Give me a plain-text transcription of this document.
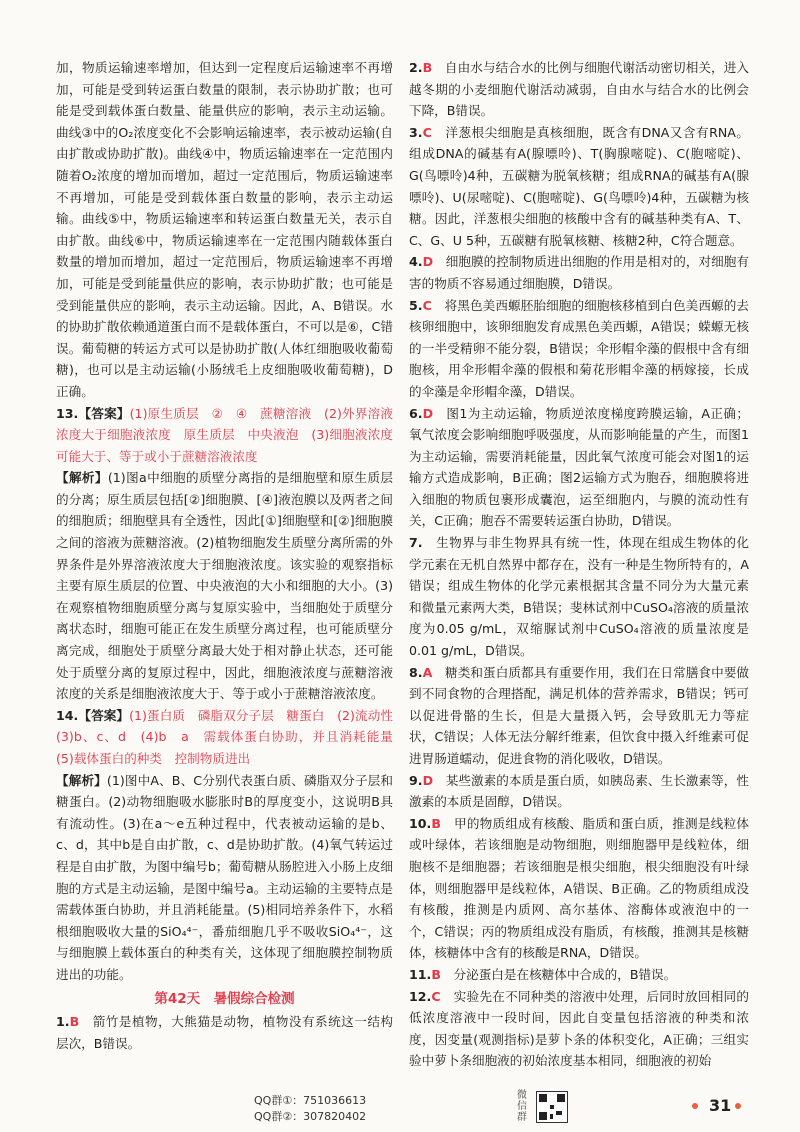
加，物质运输速率增加，但达到一定程度后运输速率不再增加，可能是受到转运蛋白数量的限制，表示协助扩散；也可能是受到载体蛋白数量、能量供应的影响，表示主动运输。曲线③中的O₂浓度变化不会影响运输速率，表示被动运输(自由扩散或协助扩散)。曲线④中，物质运输速率在一定范围内随着O₂浓度的增加而增加，超过一定范围后，物质运输速率不再增加，可能是受到载体蛋白数量的影响，表示主动运输。曲线⑤中，物质运输速率和转运蛋白数量无关，表示自由扩散。曲线⑥中，物质运输速率在一定范围内随载体蛋白数量的增加而增加，超过一定范围后，物质运输速率不再增加，可能是受到能量供应的影响，表示协助扩散；也可能是受到能量供应的影响，表示主动运输。因此，A、B错误。水的协助扩散依赖通道蛋白而不是载体蛋白，不可以是⑥，C错误。葡萄糖的转运方式可以是协助扩散(人体红细胞吸收葡萄糖)，也可以是主动运输(小肠绒毛上皮细胞吸收葡萄糖)，D正确。

13.【答案】(1)原生质层　②　④　蔗糖溶液　(2)外界溶液浓度大于细胞液浓度　原生质层　中央液泡　(3)细胞液浓度可能大于、等于或小于蔗糖溶液浓度

【解析】(1)图a中细胞的质壁分离指的是细胞壁和原生质层的分离；原生质层包括[②]细胞膜、[④]液泡膜以及两者之间的细胞质；细胞壁具有全透性，因此[①]细胞壁和[②]细胞膜之间的溶液为蔗糖溶液。(2)植物细胞发生质壁分离所需的外界条件是外界溶液浓度大于细胞液浓度。该实验的观察指标主要有原生质层的位置、中央液泡的大小和细胞的大小。(3)在观察植物细胞质壁分离与复原实验中，当细胞处于质壁分离状态时，细胞可能正在发生质壁分离过程，也可能质壁分离完成，细胞处于质壁分离最大处于相对静止状态，还可能处于质壁分离的复原过程中，因此，细胞液浓度与蔗糖溶液浓度的关系是细胞液浓度大于、等于或小于蔗糖溶液浓度。

14.【答案】(1)蛋白质　磷脂双分子层　糖蛋白　(2)流动性　(3)b、c、d　(4)b　a　需载体蛋白协助，并且消耗能量　(5)载体蛋白的种类　控制物质进出

【解析】(1)图中A、B、C分别代表蛋白质、磷脂双分子层和糖蛋白。(2)动物细胞吸水膨胀时B的厚度变小，这说明B具有流动性。(3)在a～e五种过程中，代表被动运输的是b、c、d，其中b是自由扩散，c、d是协助扩散。(4)氧气转运过程是自由扩散，为图中编号b；葡萄糖从肠腔进入小肠上皮细胞的方式是主动运输，是图中编号a。主动运输的主要特点是需载体蛋白协助，并且消耗能量。(5)相同培养条件下，水稻根细胞吸收大量的SiO₄⁴⁻，番茄细胞几乎不吸收SiO₄⁴⁻，这与细胞膜上载体蛋白的种类有关，这体现了细胞膜控制物质进出的功能。

第42天　暑假综合检测

1.B　箭竹是植物，大熊猫是动物，植物没有系统这一结构层次，B错误。

2.B　自由水与结合水的比例与细胞代谢活动密切相关，进入越冬期的小麦细胞代谢活动减弱，自由水与结合水的比例会下降，B错误。

3.C　洋葱根尖细胞是真核细胞，既含有DNA又含有RNA。组成DNA的碱基有A(腺嘌呤)、T(胸腺嘧啶)、C(胞嘧啶)、G(鸟嘌呤)4种，五碳糖为脱氧核糖；组成RNA的碱基有A(腺嘌呤)、U(尿嘧啶)、C(胞嘧啶)、G(鸟嘌呤)4种，五碳糖为核糖。因此，洋葱根尖细胞的核酸中含有的碱基种类有A、T、C、G、U 5种，五碳糖有脱氧核糖、核糖2种，C符合题意。

4.D　细胞膜的控制物质进出细胞的作用是相对的，对细胞有害的物质不容易通过细胞膜，D错误。

5.C　将黑色美西螈胚胎细胞的细胞核移植到白色美西螈的去核卵细胞中，该卵细胞发育成黑色美西螈，A错误；蝾螈无核的一半受精卵不能分裂，B错误；伞形帽伞藻的假根中含有细胞核，用伞形帽伞藻的假根和菊花形帽伞藻的柄嫁接，长成的伞藻是伞形帽伞藻，D错误。

6.D　图1为主动运输，物质逆浓度梯度跨膜运输，A正确；氧气浓度会影响细胞呼吸强度，从而影响能量的产生，而图1为主动运输，需要消耗能量，因此氧气浓度可能会对图1的运输方式造成影响，B正确；图2运输方式为胞吞，细胞膜将进入细胞的物质包裹形成囊泡，运至细胞内，与膜的流动性有关，C正确；胞吞不需要转运蛋白协助，D错误。

7.　生物界与非生物界具有统一性，体现在组成生物体的化学元素在无机自然界中都存在，没有一种是生物所特有的，A错误；组成生物体的化学元素根据其含量不同分为大量元素和微量元素两大类，B错误；斐林试剂中CuSO₄溶液的质量浓度为0.05 g/mL，双缩脲试剂中CuSO₄溶液的质量浓度是0.01 g/mL，D错误。

8.A　糖类和蛋白质都具有重要作用，我们在日常膳食中要做到不同食物的合理搭配，满足机体的营养需求，B错误；钙可以促进骨骼的生长，但是大量摄入钙，会导致肌无力等症状，C错误；人体无法分解纤维素，但饮食中摄入纤维素可促进胃肠道蠕动，促进食物的消化吸收，D错误。

9.D　某些激素的本质是蛋白质，如胰岛素、生长激素等，性激素的本质是固醇，D错误。

10.B　甲的物质组成有核酸、脂质和蛋白质，推测是线粒体或叶绿体，若该细胞是动物细胞，则细胞器甲是线粒体，细胞核不是细胞器；若该细胞是根尖细胞，根尖细胞没有叶绿体，则细胞器甲是线粒体，A错误、B正确。乙的物质组成没有核酸，推测是内质网、高尔基体、溶酶体或液泡中的一个，C错误；丙的物质组成没有脂质，有核酸，推测其是核糖体，核糖体中含有的核酸是RNA，D错误。

11.B　分泌蛋白是在核糖体中合成的，B错误。

12.C　实验先在不同种类的溶液中处理，后同时放回相同的低浓度溶液中一段时间，因此自变量包括溶液的种类和浓度，因变量(观测指标)是萝卜条的体积变化，A正确；三组实验中萝卜条细胞液的初始浓度基本相同，细胞液的初始

QQ群①：751036613
QQ群②：307820402
微信群
31
